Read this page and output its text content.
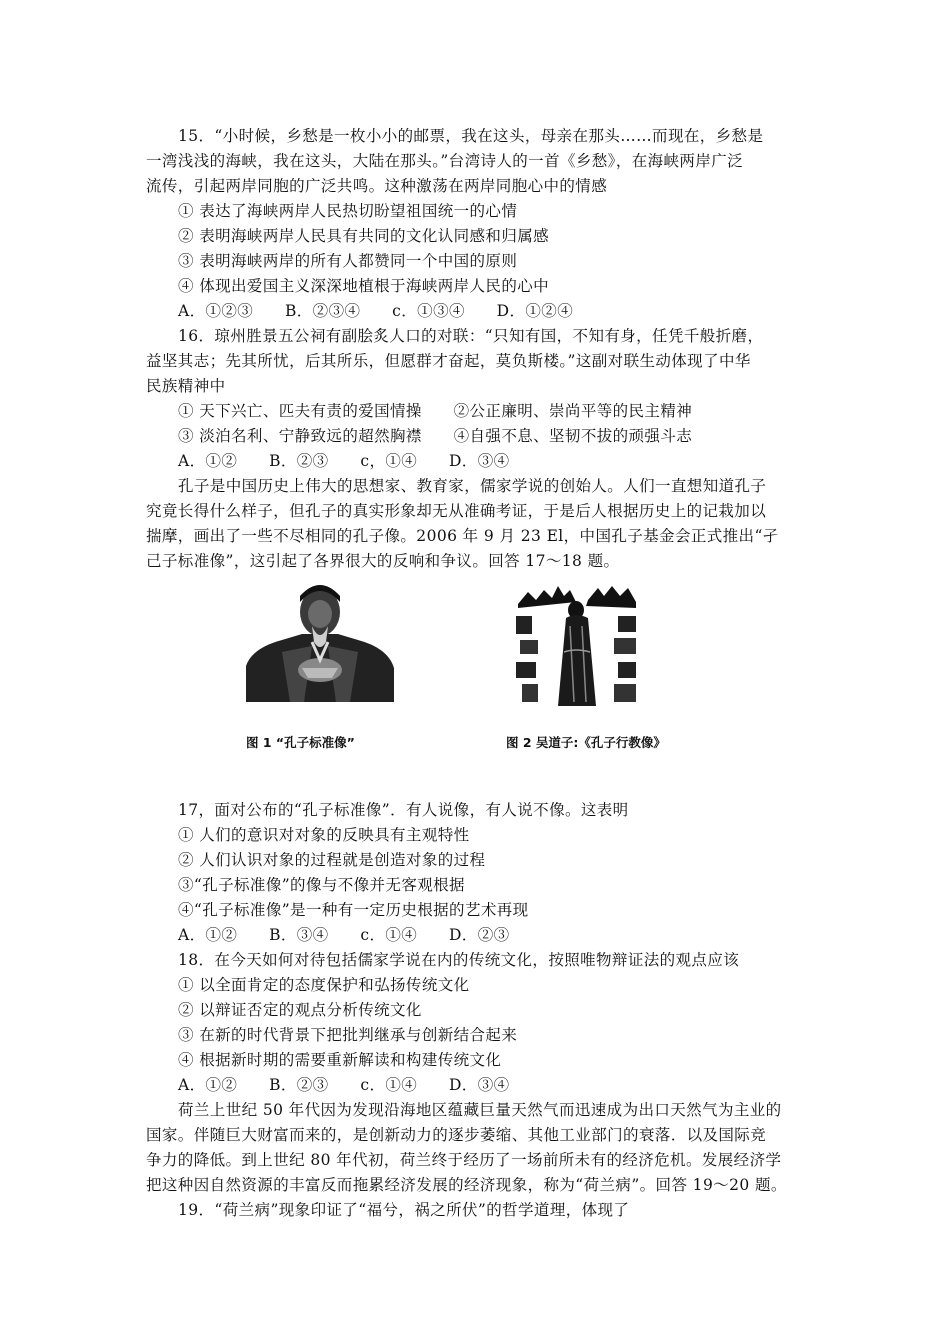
15．“小时候，乡愁是一枚小小的邮票，我在这头，母亲在那头……而现在，乡愁是
一湾浅浅的海峡，我在这头，大陆在那头。”台湾诗人的一首《乡愁》，在海峡两岸广泛
流传，引起两岸同胞的广泛共鸣。这种激荡在两岸同胞心中的情感
① 表达了海峡两岸人民热切盼望祖国统一的心情
② 表明海峡两岸人民具有共同的文化认同感和归属感
③ 表明海峡两岸的所有人都赞同一个中国的原则
④ 体现出爱国主义深深地植根于海峡两岸人民的心中
A．①②③　　B．②③④　　c．①③④　　D．①②④
16．琼州胜景五公祠有副脍炙人口的对联：“只知有国，不知有身，任凭千般折磨，
益坚其志；先其所忧，后其所乐，但愿群才奋起，莫负斯楼。”这副对联生动体现了中华
民族精神中
① 天下兴亡、匹夫有责的爱国情操　　②公正廉明、崇尚平等的民主精神
③ 淡泊名利、宁静致远的超然胸襟　　④自强不息、坚韧不拔的顽强斗志
A．①②　　B．②③　　c，①④　　D．③④
孔子是中国历史上伟大的思想家、教育家，儒家学说的创始人。人们一直想知道孔子
究竟长得什么样子，但孔子的真实形象却无从准确考证，于是后人根据历史上的记栽加以
揣摩，画出了一些不尽相同的孔子像。2006 年 9 月 23 El，中国孔子基金会正式推出“孑
己子标准像”，这引起了各界很大的反响和争议。回答 17～18 题。
图 1 “孔子标准像”	图 2 吴道子:《孔子行教像》
17，面对公布的“孔子标准像”．有人说像，有人说不像。这表明
① 人们的意识对对象的反映具有主观特性
② 人们认识对象的过程就是创造对象的过程
③“孔子标准像”的像与不像并无客观根据
④“孔子标准像”是一种有一定历史根据的艺术再现
A．①②　　B．③④　　c．①④　　D．②③
18．在今天如何对待包括儒家学说在内的传统文化，按照唯物辩证法的观点应该
① 以全面肯定的态度保护和弘扬传统文化
② 以辩证否定的观点分析传统文化
③ 在新的时代背景下把批判继承与创新结合起来
④ 根据新时期的需要重新解读和构建传统文化
A．①②　　B．②③　　c．①④　　D．③④
荷兰上世纪 50 年代因为发现沿海地区蕴藏巨量天然气而迅速成为出口天然气为主业的
国家。伴随巨大财富而来的，是创新动力的逐步萎缩、其他工业部门的衰落．以及国际竞
争力的降低。到上世纪 80 年代初，荷兰终于经历了一场前所未有的经济危机。发展经济学
把这种因自然资源的丰富反而拖累经济发展的经济现象，称为“荷兰病”。回答 19～20 题。
19．“荷兰病”现象印证了“福兮，祸之所伏”的哲学道理，体现了
